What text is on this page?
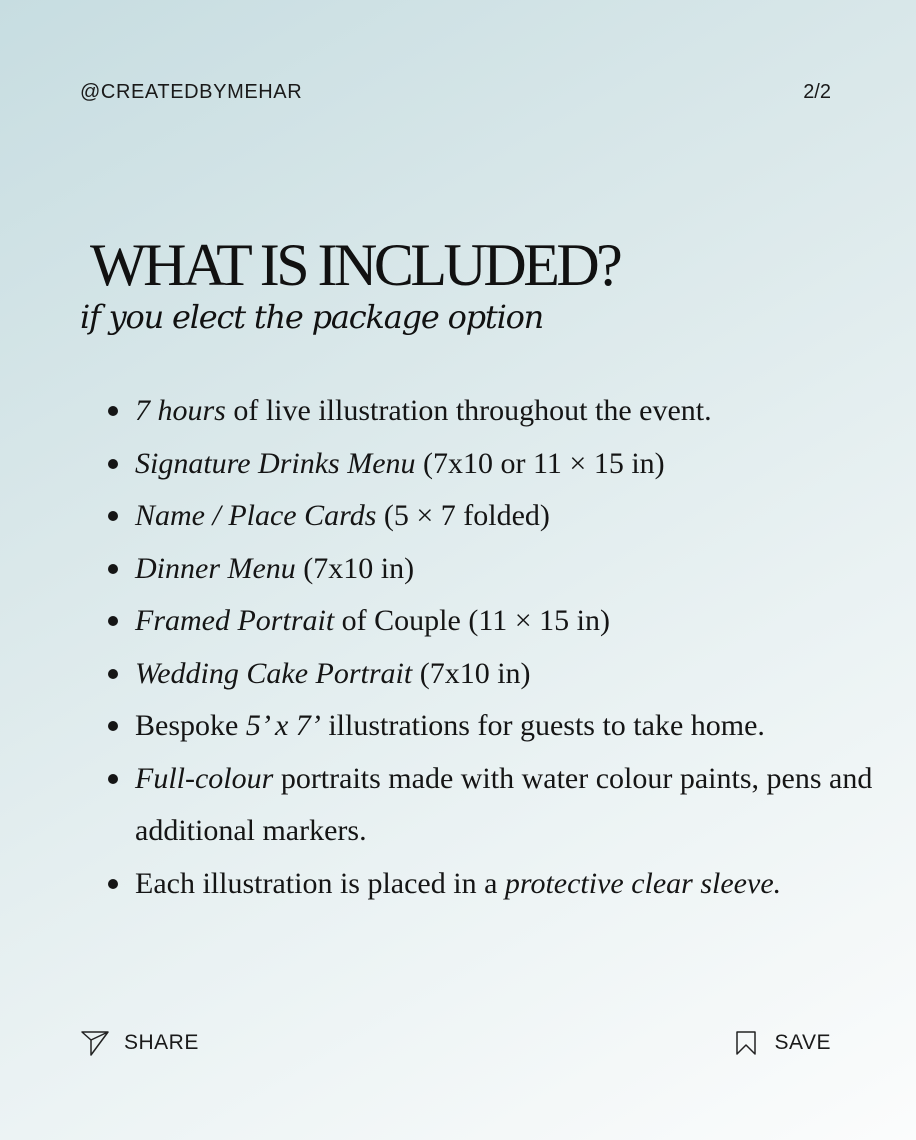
@CREATEDBYMEHAR	2/2
WHAT IS INCLUDED?
if you elect the package option
7 hours of live illustration throughout the event.
Signature Drinks Menu (7x10 or 11 × 15 in)
Name / Place Cards (5 × 7 folded)
Dinner Menu (7x10 in)
Framed Portrait of Couple (11 × 15 in)
Wedding Cake Portrait (7x10 in)
Bespoke 5’ x 7’ illustrations for guests to take home.
Full-colour portraits made with water colour paints, pens and additional markers.
Each illustration is placed in a protective clear sleeve.
SHARE	SAVE
